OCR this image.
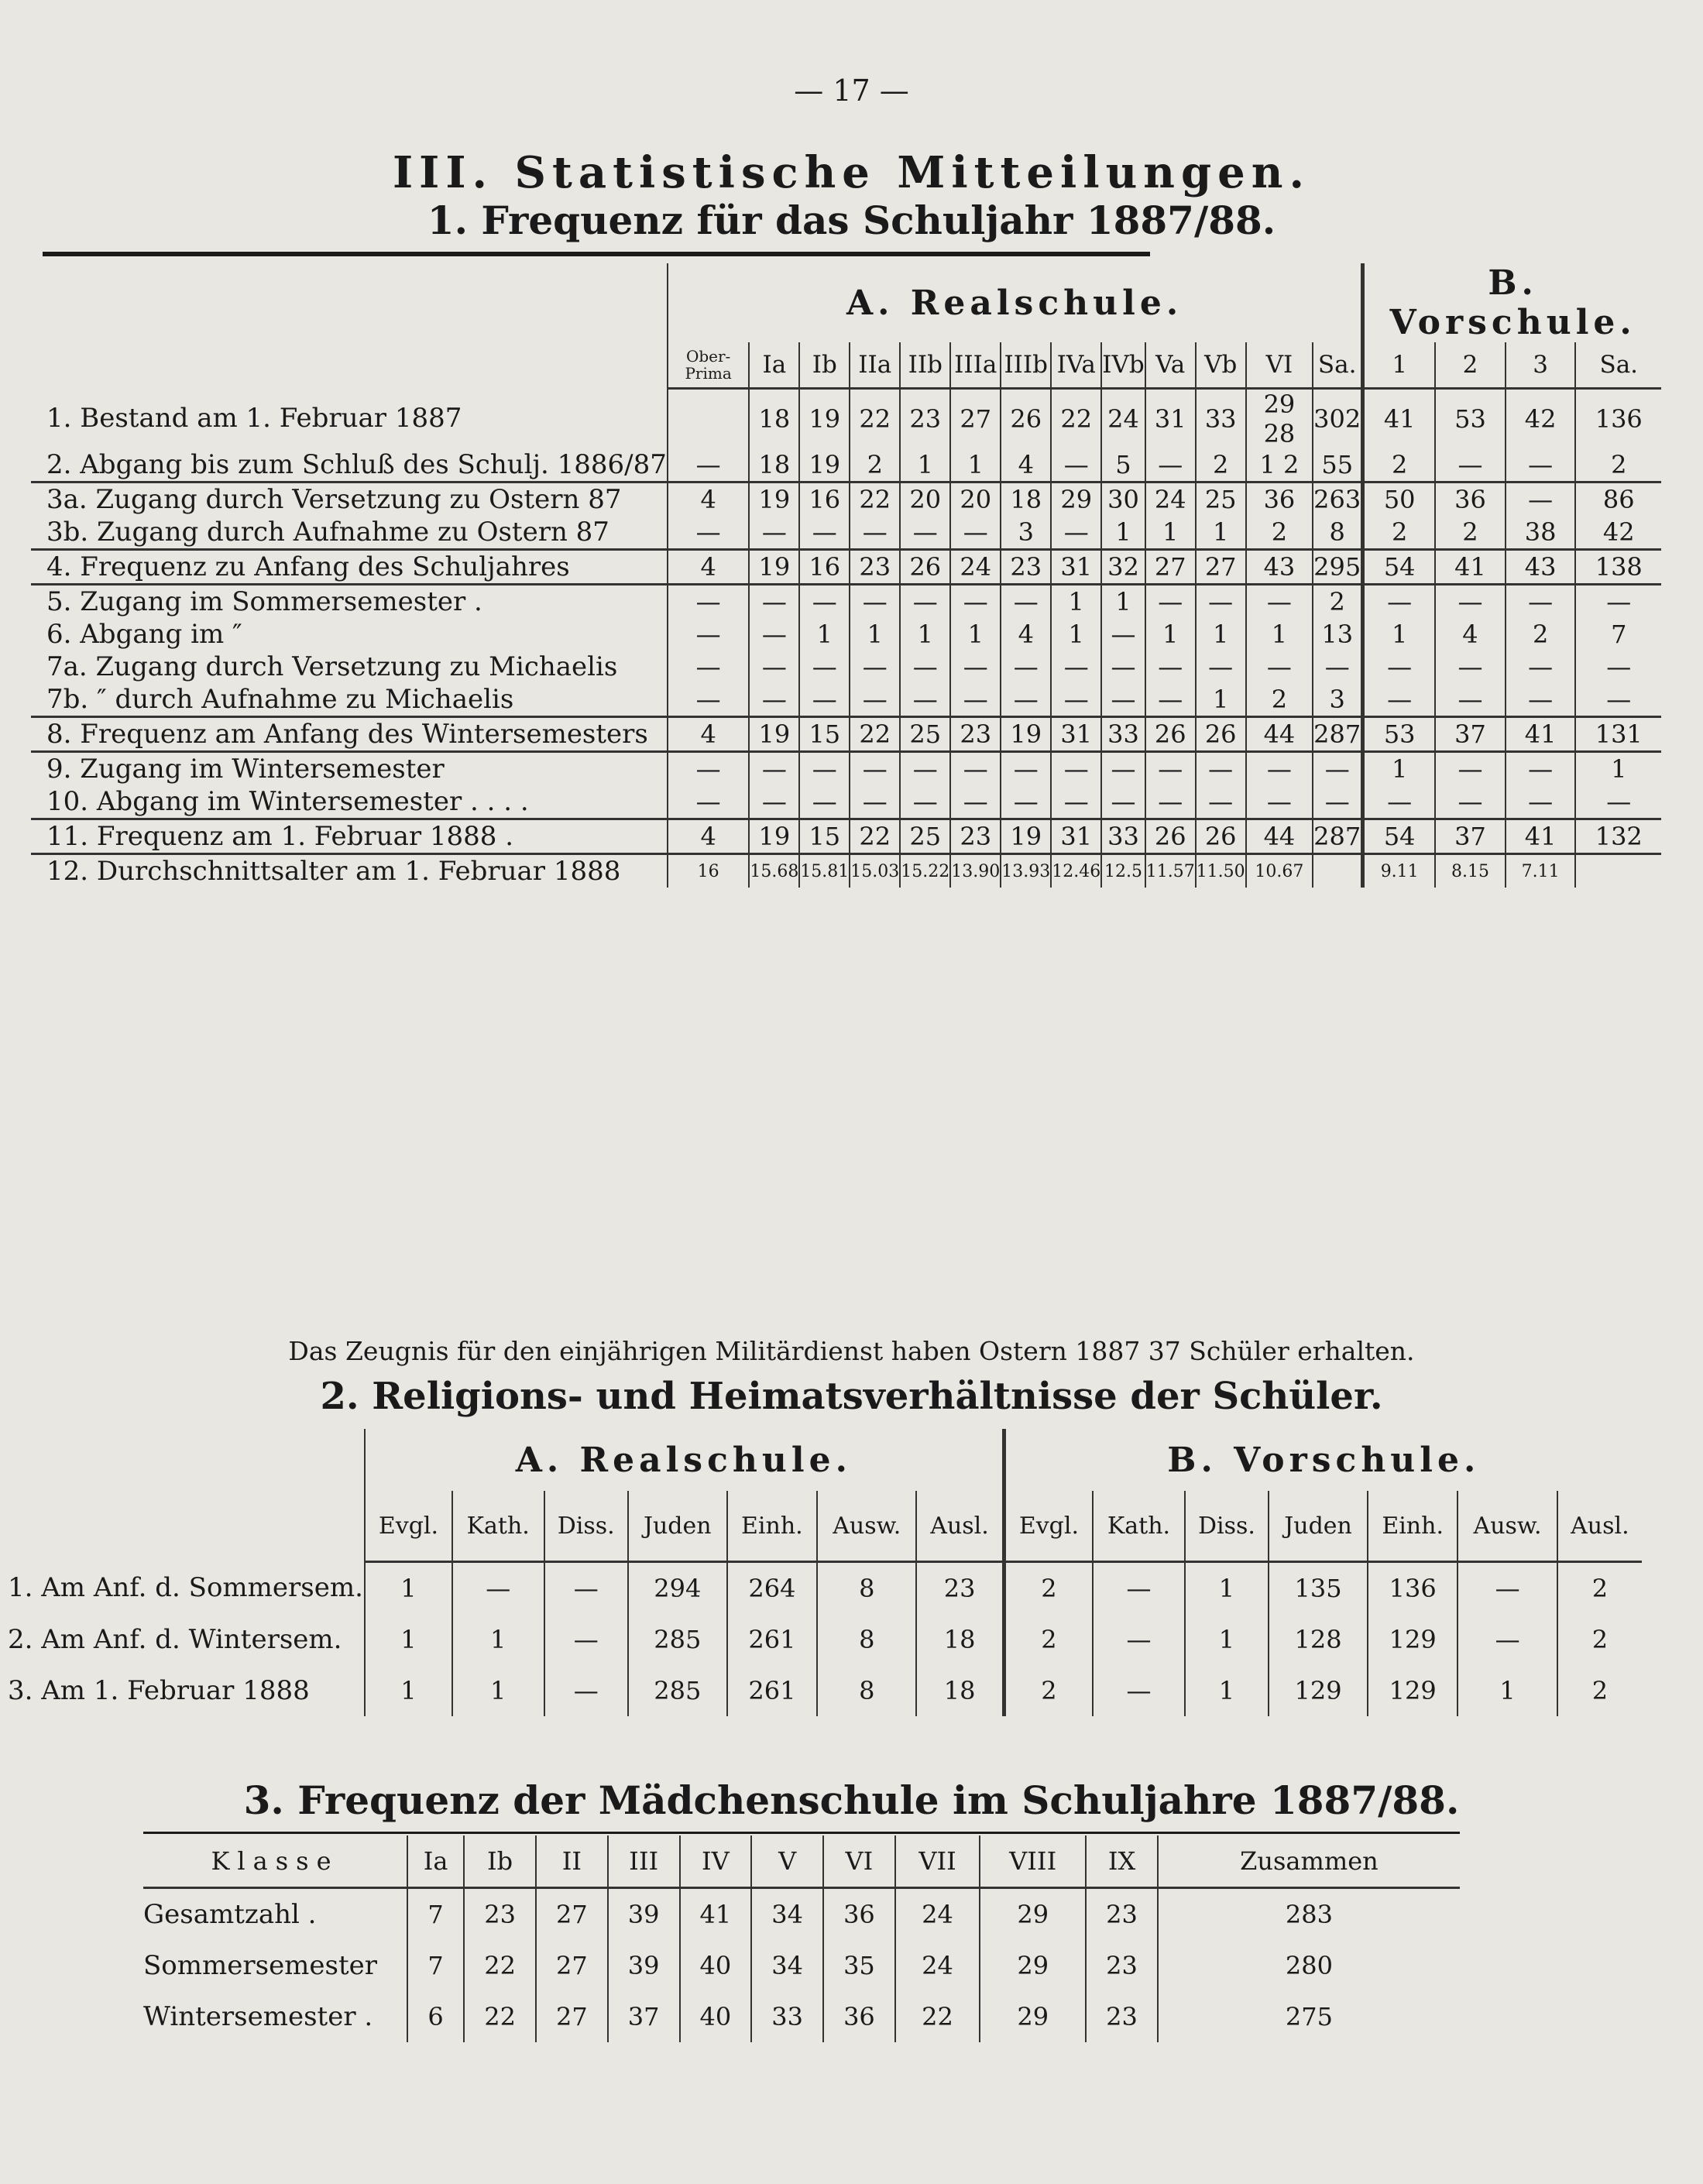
— 17 —
III. Statistische Mitteilungen.
1. Frequenz für das Schuljahr 1887/88.
	A. Realschule.													B. Vorschule.			
	Ober-Prima	Ia	Ib	IIa	IIb	IIIa	IIIb	IVa	IVb	Va	Vb	VI	Sa.	1	2	3	Sa.
1. Bestand am 1. Februar 1887		18	19	22	23	27	26	22	24	31	33	29 28	302	41	53	42	136
2. Abgang bis zum Schluß des Schulj. 1886/87	—	18	19	2	1	1	4	—	5	—	2	1 2	55	2	—	—	2
3a. Zugang durch Versetzung zu Ostern 87	4	19	16	22	20	20	18	29	30	24	25	36	263	50	36	—	86
3b. Zugang durch Aufnahme zu Ostern 87	—	—	—	—	—	—	3	—	1	1	1	2	8	2	2	38	42
4. Frequenz zu Anfang des Schuljahres	4	19	16	23	26	24	23	31	32	27	27	43	295	54	41	43	138
5. Zugang im Sommersemester .	—	—	—	—	—	—	—	1	1	—	—	—	2	—	—	—	—
6. Abgang im ″	—	—	1	1	1	1	4	1	—	1	1	1	13	1	4	2	7
7a. Zugang durch Versetzung zu Michaelis	—	—	—	—	—	—	—	—	—	—	—	—	—	—	—	—	—
7b. ″ durch Aufnahme zu Michaelis	—	—	—	—	—	—	—	—	—	—	1	2	3	—	—	—	—
8. Frequenz am Anfang des Wintersemesters	4	19	15	22	25	23	19	31	33	26	26	44	287	53	37	41	131
9. Zugang im Wintersemester	—	—	—	—	—	—	—	—	—	—	—	—	—	1	—	—	1
10. Abgang im Wintersemester . . . .	—	—	—	—	—	—	—	—	—	—	—	—	—	—	—	—	—
11. Frequenz am 1. Februar 1888 .	4	19	15	22	25	23	19	31	33	26	26	44	287	54	37	41	132
12. Durchschnittsalter am 1. Februar 1888	16	15.68	15.81	15.03	15.22	13.90	13.93	12.46	12.5	11.57	11.50	10.67		9.11	8.15	7.11	
Das Zeugnis für den einjährigen Militärdienst haben Ostern 1887 37 Schüler erhalten.
2. Religions- und Heimatsverhältnisse der Schüler.
	A. Realschule.							B. Vorschule.						
	Evgl.	Kath.	Diss.	Juden	Einh.	Ausw.	Ausl.	Evgl.	Kath.	Diss.	Juden	Einh.	Ausw.	Ausl.
1. Am Anf. d. Sommersem.	1	—	—	294	264	8	23	2	—	1	135	136	—	2
2. Am Anf. d. Wintersem.	1	1	—	285	261	8	18	2	—	1	128	129	—	2
3. Am 1. Februar 1888	1	1	—	285	261	8	18	2	—	1	129	129	1	2
3. Frequenz der Mädchenschule im Schuljahre 1887/88.
Klasse	Ia	Ib	II	III	IV	V	VI	VII	VIII	IX	Zusammen
Gesamtzahl .	7	23	27	39	41	34	36	24	29	23	283
Sommersemester	7	22	27	39	40	34	35	24	29	23	280
Wintersemester .	6	22	27	37	40	33	36	22	29	23	275
